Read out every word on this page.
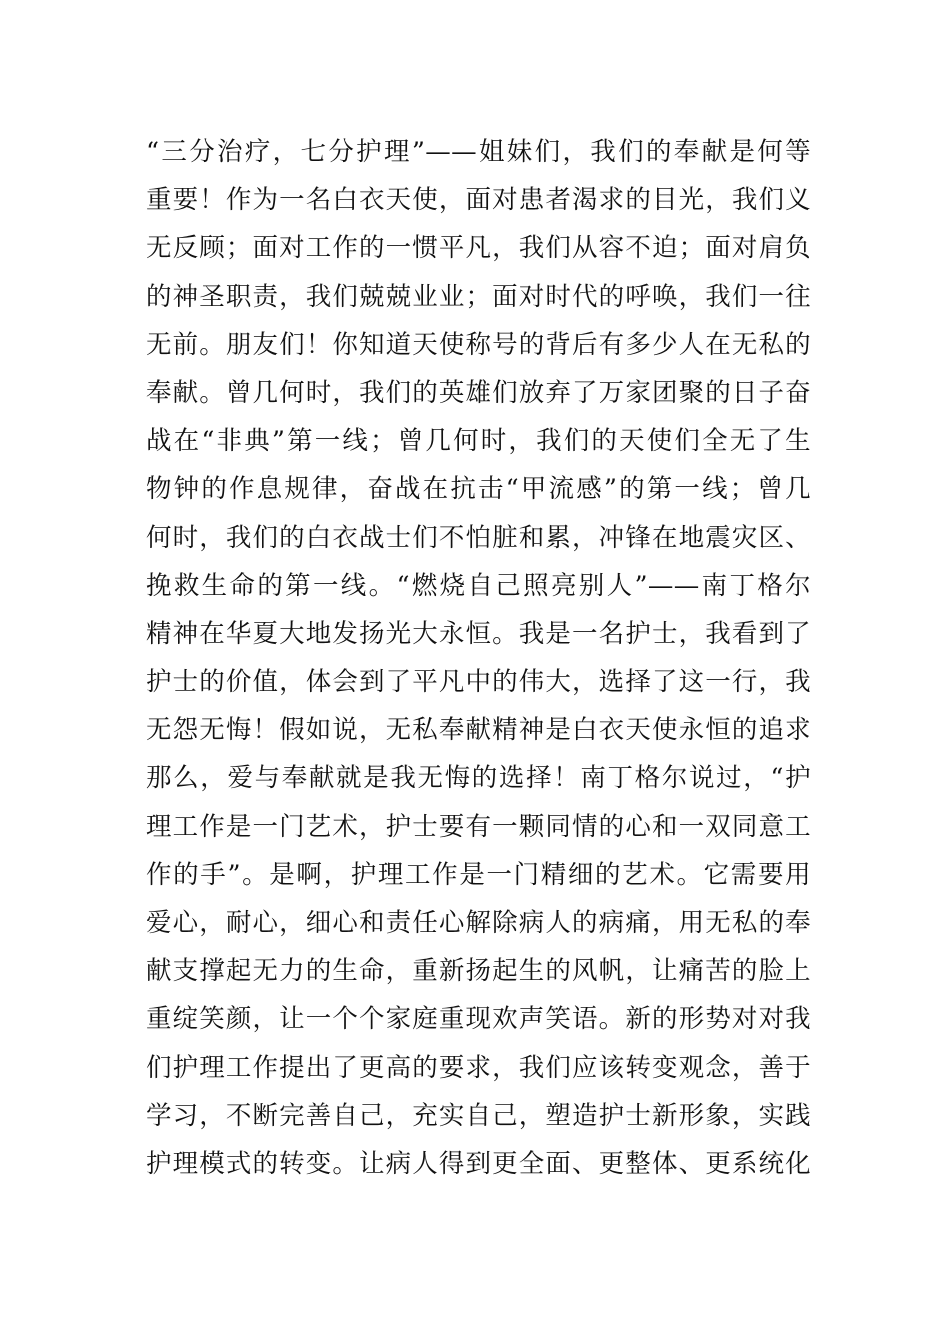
“三分治疗，七分护理”——姐妹们，我们的奉献是何等
重要！作为一名白衣天使，面对患者渴求的目光，我们义
无反顾；面对工作的一惯平凡，我们从容不迫；面对肩负
的神圣职责，我们兢兢业业；面对时代的呼唤，我们一往
无前。朋友们！你知道天使称号的背后有多少人在无私的
奉献。曾几何时，我们的英雄们放弃了万家团聚的日子奋
战在“非典”第一线；曾几何时，我们的天使们全无了生
物钟的作息规律，奋战在抗击“甲流感”的第一线；曾几
何时，我们的白衣战士们不怕脏和累，冲锋在地震灾区、
挽救生命的第一线。“燃烧自己照亮别人”——南丁格尔
精神在华夏大地发扬光大永恒。我是一名护士，我看到了
护士的价值，体会到了平凡中的伟大，选择了这一行，我
无怨无悔！假如说，无私奉献精神是白衣天使永恒的追求
那么，爱与奉献就是我无悔的选择！南丁格尔说过，“护
理工作是一门艺术，护士要有一颗同情的心和一双同意工
作的手”。是啊，护理工作是一门精细的艺术。它需要用
爱心，耐心，细心和责任心解除病人的病痛，用无私的奉
献支撑起无力的生命，重新扬起生的风帆，让痛苦的脸上
重绽笑颜，让一个个家庭重现欢声笑语。新的形势对对我
们护理工作提出了更高的要求，我们应该转变观念，善于
学习，不断完善自己，充实自己，塑造护士新形象，实践
护理模式的转变。让病人得到更全面、更整体、更系统化
